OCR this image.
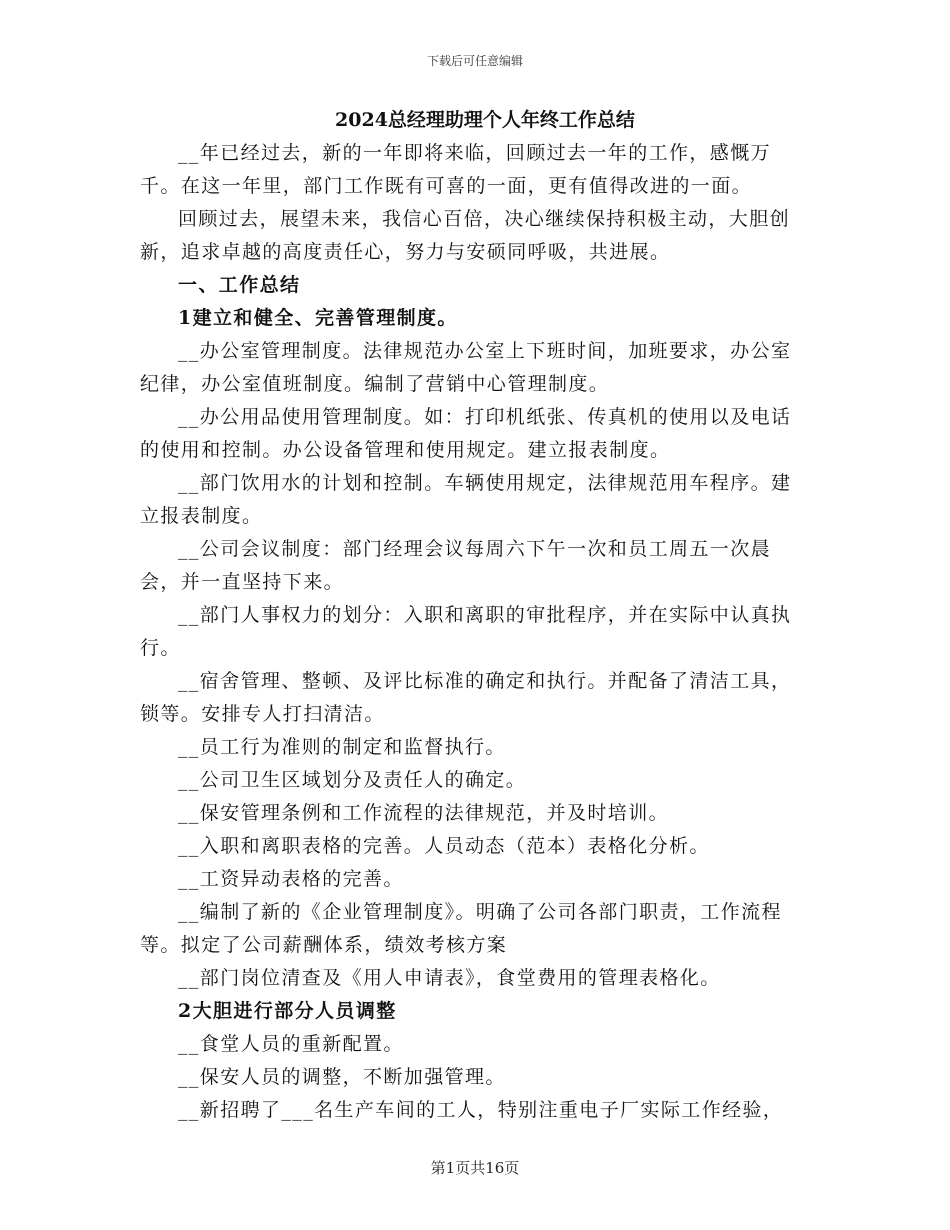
下载后可任意编辑
2024总经理助理个人年终工作总结

__年已经过去，新的一年即将来临，回顾过去一年的工作，感慨万千。在这一年里，部门工作既有可喜的一面，更有值得改进的一面。

回顾过去，展望未来，我信心百倍，决心继续保持积极主动，大胆创新，追求卓越的高度责任心，努力与安硕同呼吸，共进展。

一、工作总结

1建立和健全、完善管理制度。

__办公室管理制度。法律规范办公室上下班时间，加班要求，办公室纪律，办公室值班制度。编制了营销中心管理制度。

__办公用品使用管理制度。如：打印机纸张、传真机的使用以及电话的使用和控制。办公设备管理和使用规定。建立报表制度。

__部门饮用水的计划和控制。车辆使用规定，法律规范用车程序。建立报表制度。

__公司会议制度：部门经理会议每周六下午一次和员工周五一次晨会，并一直坚持下来。

__部门人事权力的划分：入职和离职的审批程序，并在实际中认真执行。

__宿舍管理、整顿、及评比标准的确定和执行。并配备了清洁工具，锁等。安排专人打扫清洁。

__员工行为准则的制定和监督执行。

__公司卫生区域划分及责任人的确定。

__保安管理条例和工作流程的法律规范，并及时培训。

__入职和离职表格的完善。人员动态（范本）表格化分析。

__工资异动表格的完善。

__编制了新的《企业管理制度》。明确了公司各部门职责，工作流程等。拟定了公司薪酬体系，绩效考核方案

__部门岗位清查及《用人申请表》，食堂费用的管理表格化。

2大胆进行部分人员调整

__食堂人员的重新配置。

__保安人员的调整，不断加强管理。

__新招聘了___名生产车间的工人，特别注重电子厂实际工作经验，

第1页共16页
